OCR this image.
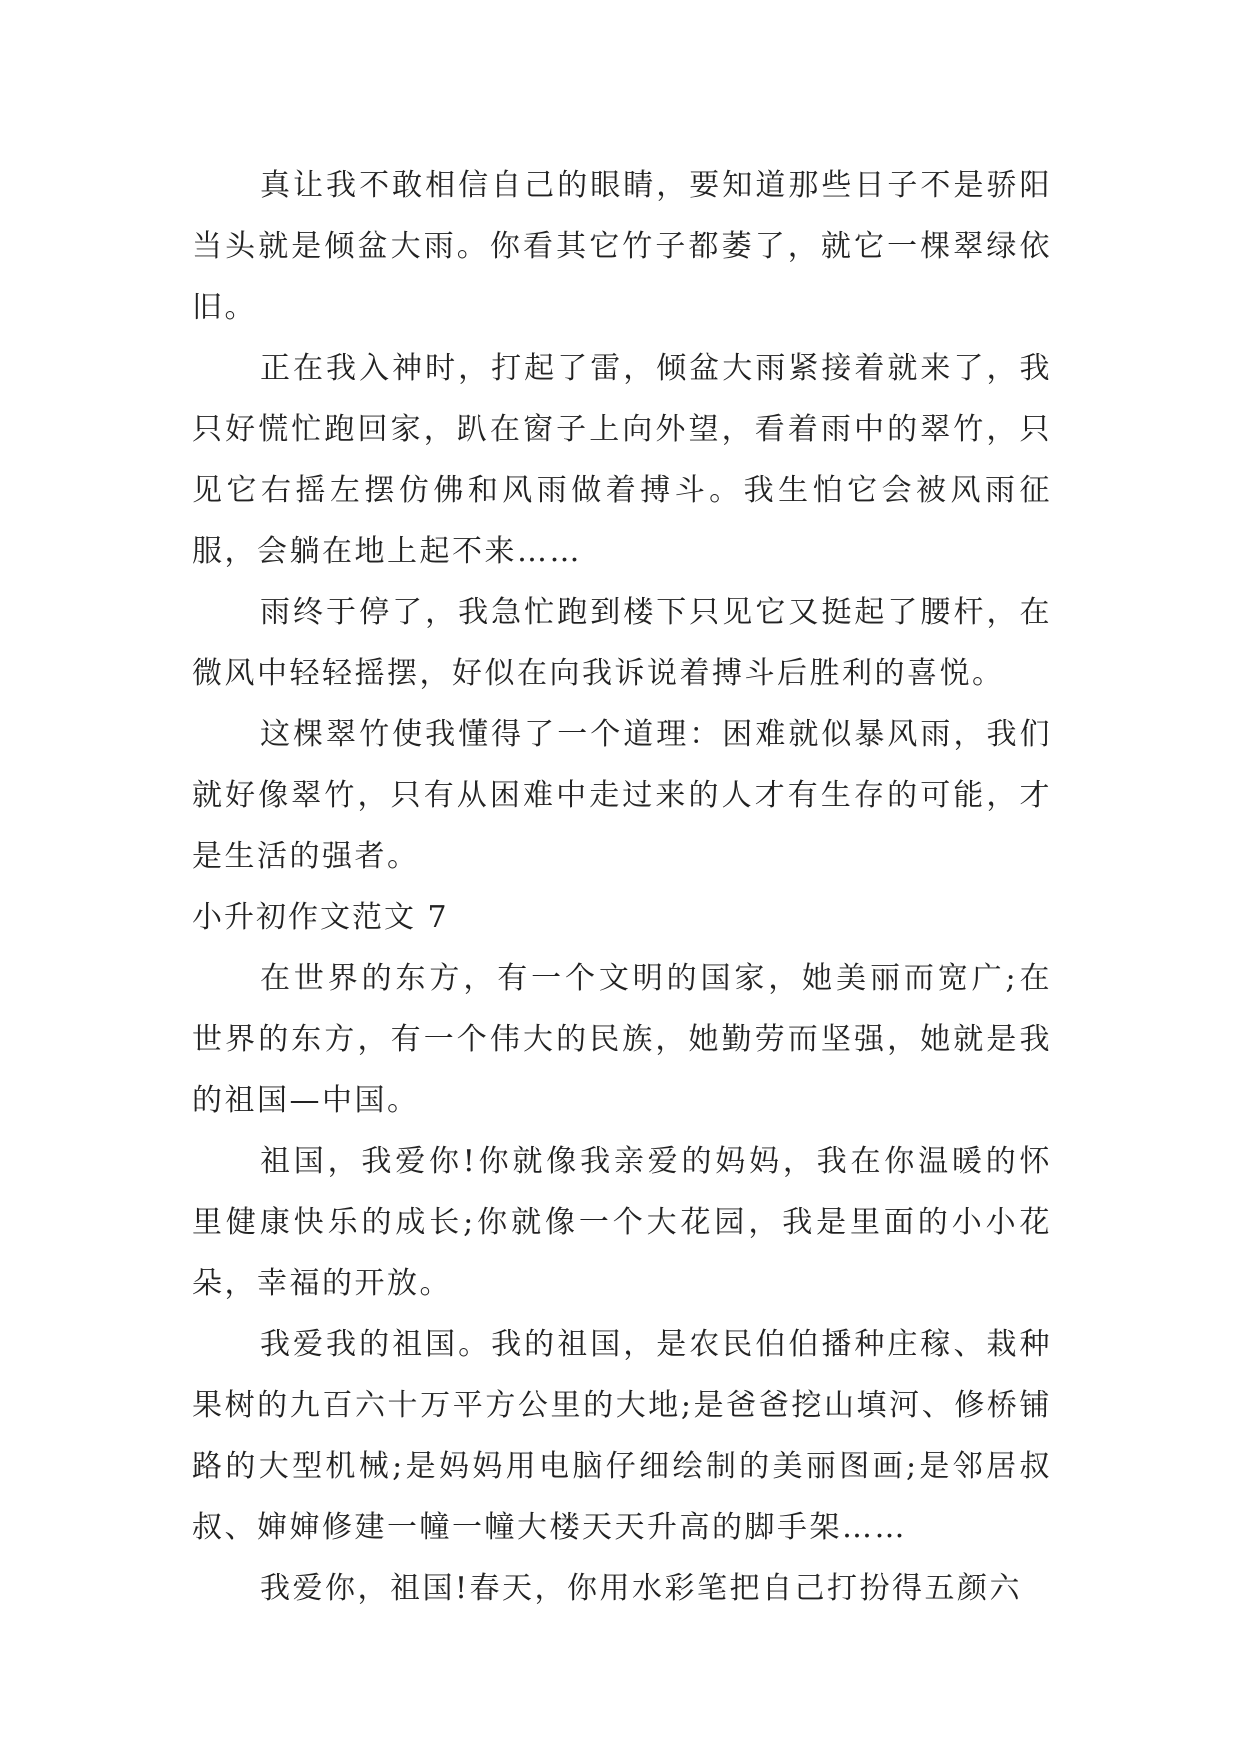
真让我不敢相信自己的眼睛，要知道那些日子不是骄阳当头就是倾盆大雨。你看其它竹子都萎了，就它一棵翠绿依旧。

正在我入神时，打起了雷，倾盆大雨紧接着就来了，我只好慌忙跑回家，趴在窗子上向外望，看着雨中的翠竹，只见它右摇左摆仿佛和风雨做着搏斗。我生怕它会被风雨征服，会躺在地上起不来……

雨终于停了，我急忙跑到楼下只见它又挺起了腰杆，在微风中轻轻摇摆，好似在向我诉说着搏斗后胜利的喜悦。

这棵翠竹使我懂得了一个道理：困难就似暴风雨，我们就好像翠竹，只有从困难中走过来的人才有生存的可能，才是生活的强者。

小升初作文范文 7

在世界的东方，有一个文明的国家，她美丽而宽广;在世界的东方，有一个伟大的民族，她勤劳而坚强，她就是我的祖国—中国。

祖国，我爱你!你就像我亲爱的妈妈，我在你温暖的怀里健康快乐的成长;你就像一个大花园，我是里面的小小花朵，幸福的开放。

我爱我的祖国。我的祖国，是农民伯伯播种庄稼、栽种果树的九百六十万平方公里的大地;是爸爸挖山填河、修桥铺路的大型机械;是妈妈用电脑仔细绘制的美丽图画;是邻居叔叔、婶婶修建一幢一幢大楼天天升高的脚手架……

我爱你，祖国!春天，你用水彩笔把自己打扮得五颜六
